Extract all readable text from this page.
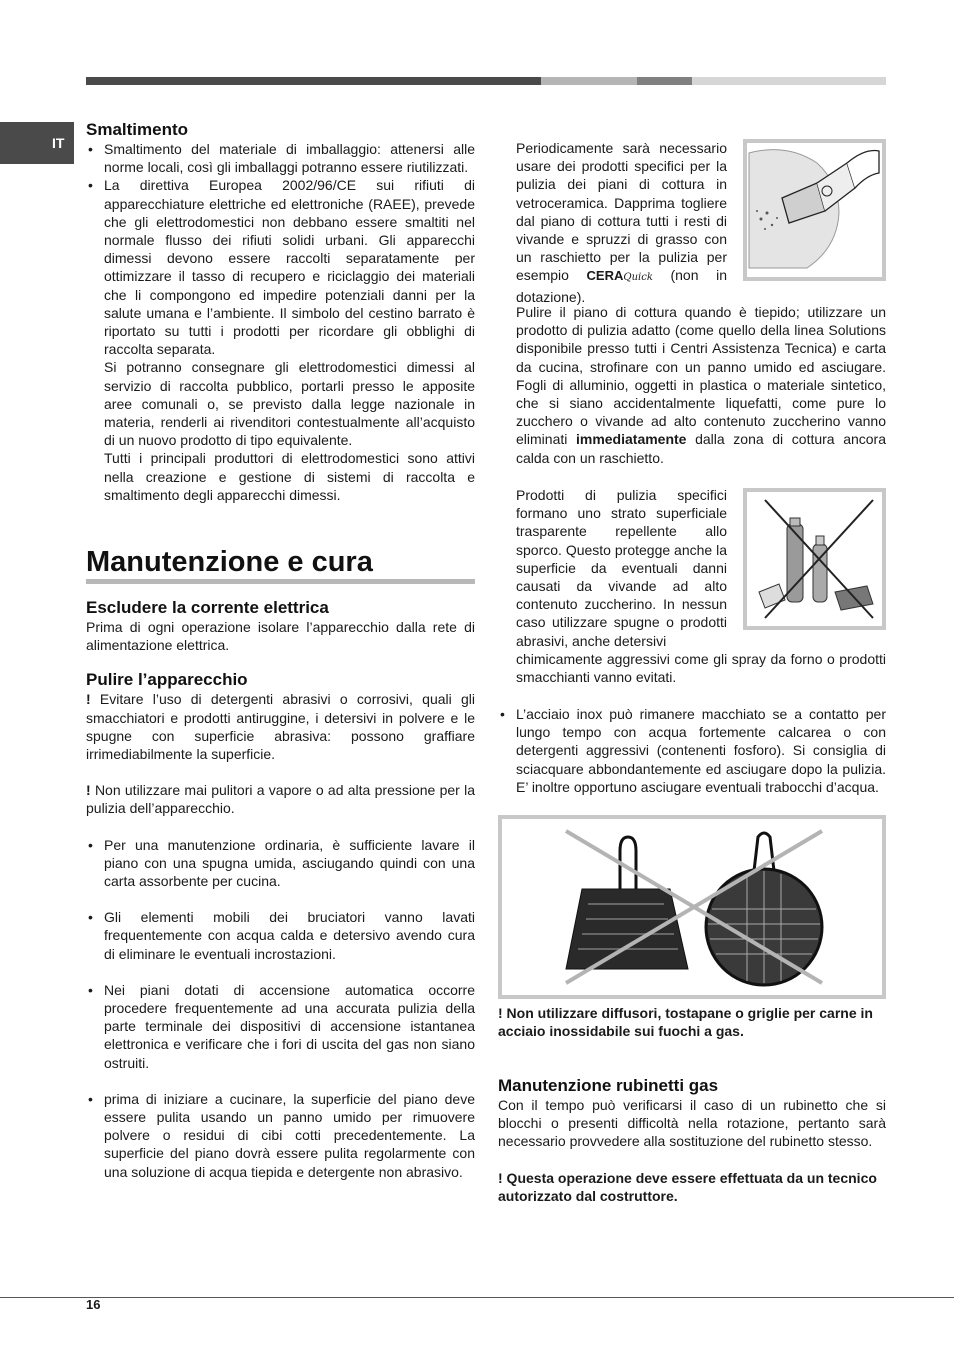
IT
Smaltimento
• Smaltimento del materiale di imballaggio: attenersi alle norme locali, così gli imballaggi potranno essere riutilizzati.
• La direttiva Europea 2002/96/CE sui rifiuti di apparecchiature elettriche ed elettroniche (RAEE), prevede che gli elettrodomestici non debbano essere smaltiti nel normale flusso dei rifiuti solidi urbani. Gli apparecchi dimessi devono essere raccolti separatamente per ottimizzare il tasso di recupero e riciclaggio dei materiali che li compongono ed impedire potenziali danni per la salute umana e l’ambiente. Il simbolo del cestino barrato è riportato su tutti i prodotti per ricordare gli obblighi di raccolta separata.

Si potranno consegnare gli elettrodomestici dimessi al servizio di raccolta pubblico, portarli presso le apposite aree comunali o, se previsto dalla legge nazionale in materia, renderli ai rivenditori contestualmente all’acquisto di un nuovo prodotto di tipo equivalente.

Tutti i principali produttori di elettrodomestici sono attivi nella creazione e gestione di sistemi di raccolta e smaltimento degli apparecchi dimessi.

Manutenzione e cura
Escludere la corrente elettrica

Prima di ogni operazione isolare l’apparecchio dalla rete di alimentazione elettrica.

Pulire l’apparecchio

! Evitare l’uso di detergenti abrasivi o corrosivi, quali gli smacchiatori e prodotti antiruggine, i detersivi in polvere e le spugne con superficie abrasiva: possono graffiare irrimediabilmente la superficie.

! Non utilizzare mai pulitori a vapore o ad alta pressione per la pulizia dell’apparecchio.

• Per una manutenzione ordinaria, è sufficiente lavare il piano con una spugna umida, asciugando quindi con una carta assorbente per cucina.
• Gli elementi mobili dei bruciatori vanno lavati frequentemente con acqua calda e detersivo avendo cura di eliminare le eventuali incrostazioni.
• Nei piani dotati di accensione automatica occorre procedere frequentemente ad una accurata pulizia della parte terminale dei dispositivi di accensione istantanea elettronica e verificare che i fori di uscita del gas non siano ostruiti.
• prima di iniziare a cucinare, la superficie del piano deve essere pulita usando un panno umido per rimuovere polvere o residui di cibi cotti precedentemente. La superficie del piano dovrà essere pulita regolarmente con una soluzione di acqua tiepida e detergente non abrasivo.

Periodicamente sarà necessario usare dei prodotti specifici per la pulizia dei piani di cottura in vetroceramica. Dapprima togliere dal piano di cottura tutti i resti di vivande e spruzzi di grasso con un raschietto per la pulizia per esempio CERAQuick (non in dotazione).

Pulire il piano di cottura quando è tiepido; utilizzare un prodotto di pulizia adatto (come quello della linea Solutions disponibile presso tutti i Centri Assistenza Tecnica) e carta da cucina, strofinare con un panno umido ed asciugare. Fogli di alluminio, oggetti in plastica o materiale sintetico, che si siano accidentalmente liquefatti, come pure lo zucchero o vivande ad alto contenuto zuccherino vanno eliminati immediatamente dalla zona di cottura ancora calda con un raschietto.

Prodotti di pulizia specifici formano uno strato superficiale trasparente repellente allo sporco. Questo protegge anche la superficie da eventuali danni causati da vivande ad alto contenuto zuccherino. In nessun caso utilizzare spugne o prodotti abrasivi, anche detersivi

chimicamente aggressivi come gli spray da forno o prodotti smacchianti vanno evitati.

• L’acciaio inox può rimanere macchiato se a contatto per lungo tempo con acqua fortemente calcarea o con detergenti aggressivi (contenenti fosforo). Si consiglia di sciacquare abbondantemente ed asciugare dopo la pulizia. E’ inoltre opportuno asciugare eventuali trabocchi d’acqua.

! Non utilizzare diffusori, tostapane o griglie per carne in acciaio inossidabile sui fuochi a gas.

Manutenzione rubinetti gas

Con il tempo può verificarsi il caso di un rubinetto che si blocchi o presenti difficoltà nella rotazione, pertanto sarà necessario provvedere alla sostituzione del rubinetto stesso.

! Questa operazione deve essere effettuata da un tecnico autorizzato dal costruttore.

16
